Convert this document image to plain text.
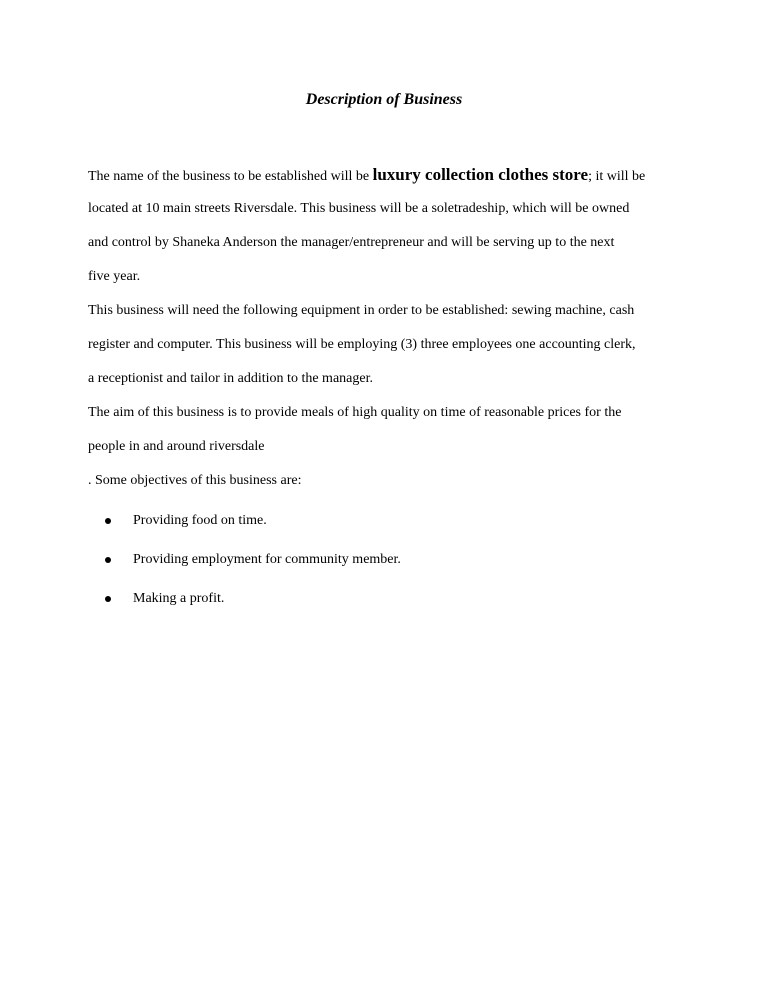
Description of Business
The name of the business to be established will be luxury collection clothes store; it will be
located at 10 main streets Riversdale. This business will be a soletradeship, which will be owned
and control by Shaneka Anderson the manager/entrepreneur and will be serving up to the next
five year.
This business will need the following equipment in order to be established: sewing machine, cash
register and computer. This business will be employing (3) three employees one accounting clerk,
a receptionist and tailor in addition to the manager.
The aim of this business is to provide meals of high quality on time of reasonable prices for the
people in and around riversdale
. Some objectives of this business are:
Providing food on time.
Providing employment for community member.
Making a profit.
